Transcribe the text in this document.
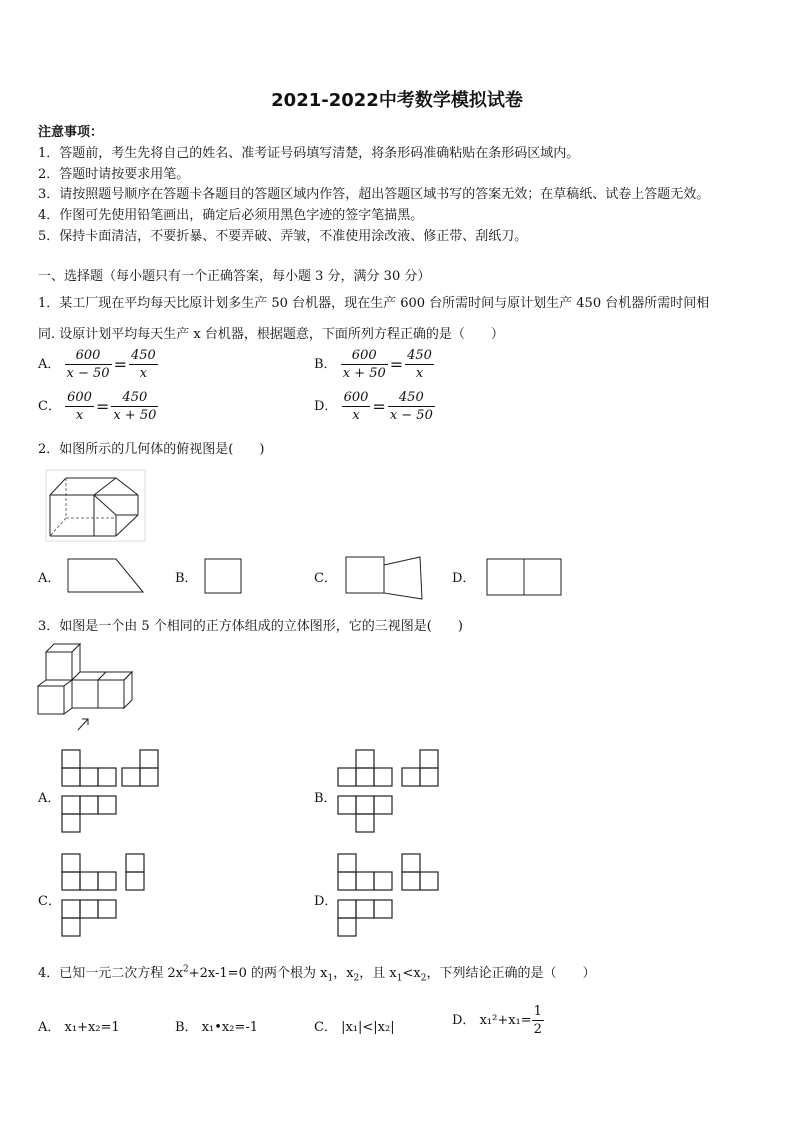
2021-2022中考数学模拟试卷
注意事项：
1．答题前，考生先将自己的姓名、准考证号码填写清楚，将条形码准确粘贴在条形码区域内。
2．答题时请按要求用笔。
3．请按照题号顺序在答题卡各题目的答题区域内作答，超出答题区域书写的答案无效；在草稿纸、试卷上答题无效。
4．作图可先使用铅笔画出，确定后必须用黑色字迹的签字笔描黑。
5．保持卡面清洁，不要折暴、不要弄破、弄皱，不准使用涂改液、修正带、刮纸刀。
一、选择题（每小题只有一个正确答案，每小题 3 分，满分 30 分）
1．某工厂现在平均每天比原计划多生产 50 台机器，现在生产 600 台所需时间与原计划生产 450 台机器所需时间相
同. 设原计划平均每天生产 x 台机器，根据题意，下面所列方程正确的是（　　）
A． $\frac{600}{x - 50} = \frac{450}{x}$	B． $\frac{600}{x + 50} = \frac{450}{x}$
C． $\frac{600}{x} = \frac{450}{x + 50}$	D． $\frac{600}{x} = \frac{450}{x - 50}$
2．如图所示的几何体的俯视图是(　　)
A．	B．	C．	D．
3．如图是一个由 5 个相同的正方体组成的立体图形，它的三视图是(　　)
A．	B．
C．	D．
4．已知一元二次方程 $2x^2+2x-1=0$ 的两个根为 $x_1$，$x_2$，且 $x_1<x_2$，下列结论正确的是（　　）
A． x₁+x₂=1	B． x₁•x₂=-1	C． |x₁|<|x₂|	D． $x_1^2+x_1= \frac{1}{2}$
